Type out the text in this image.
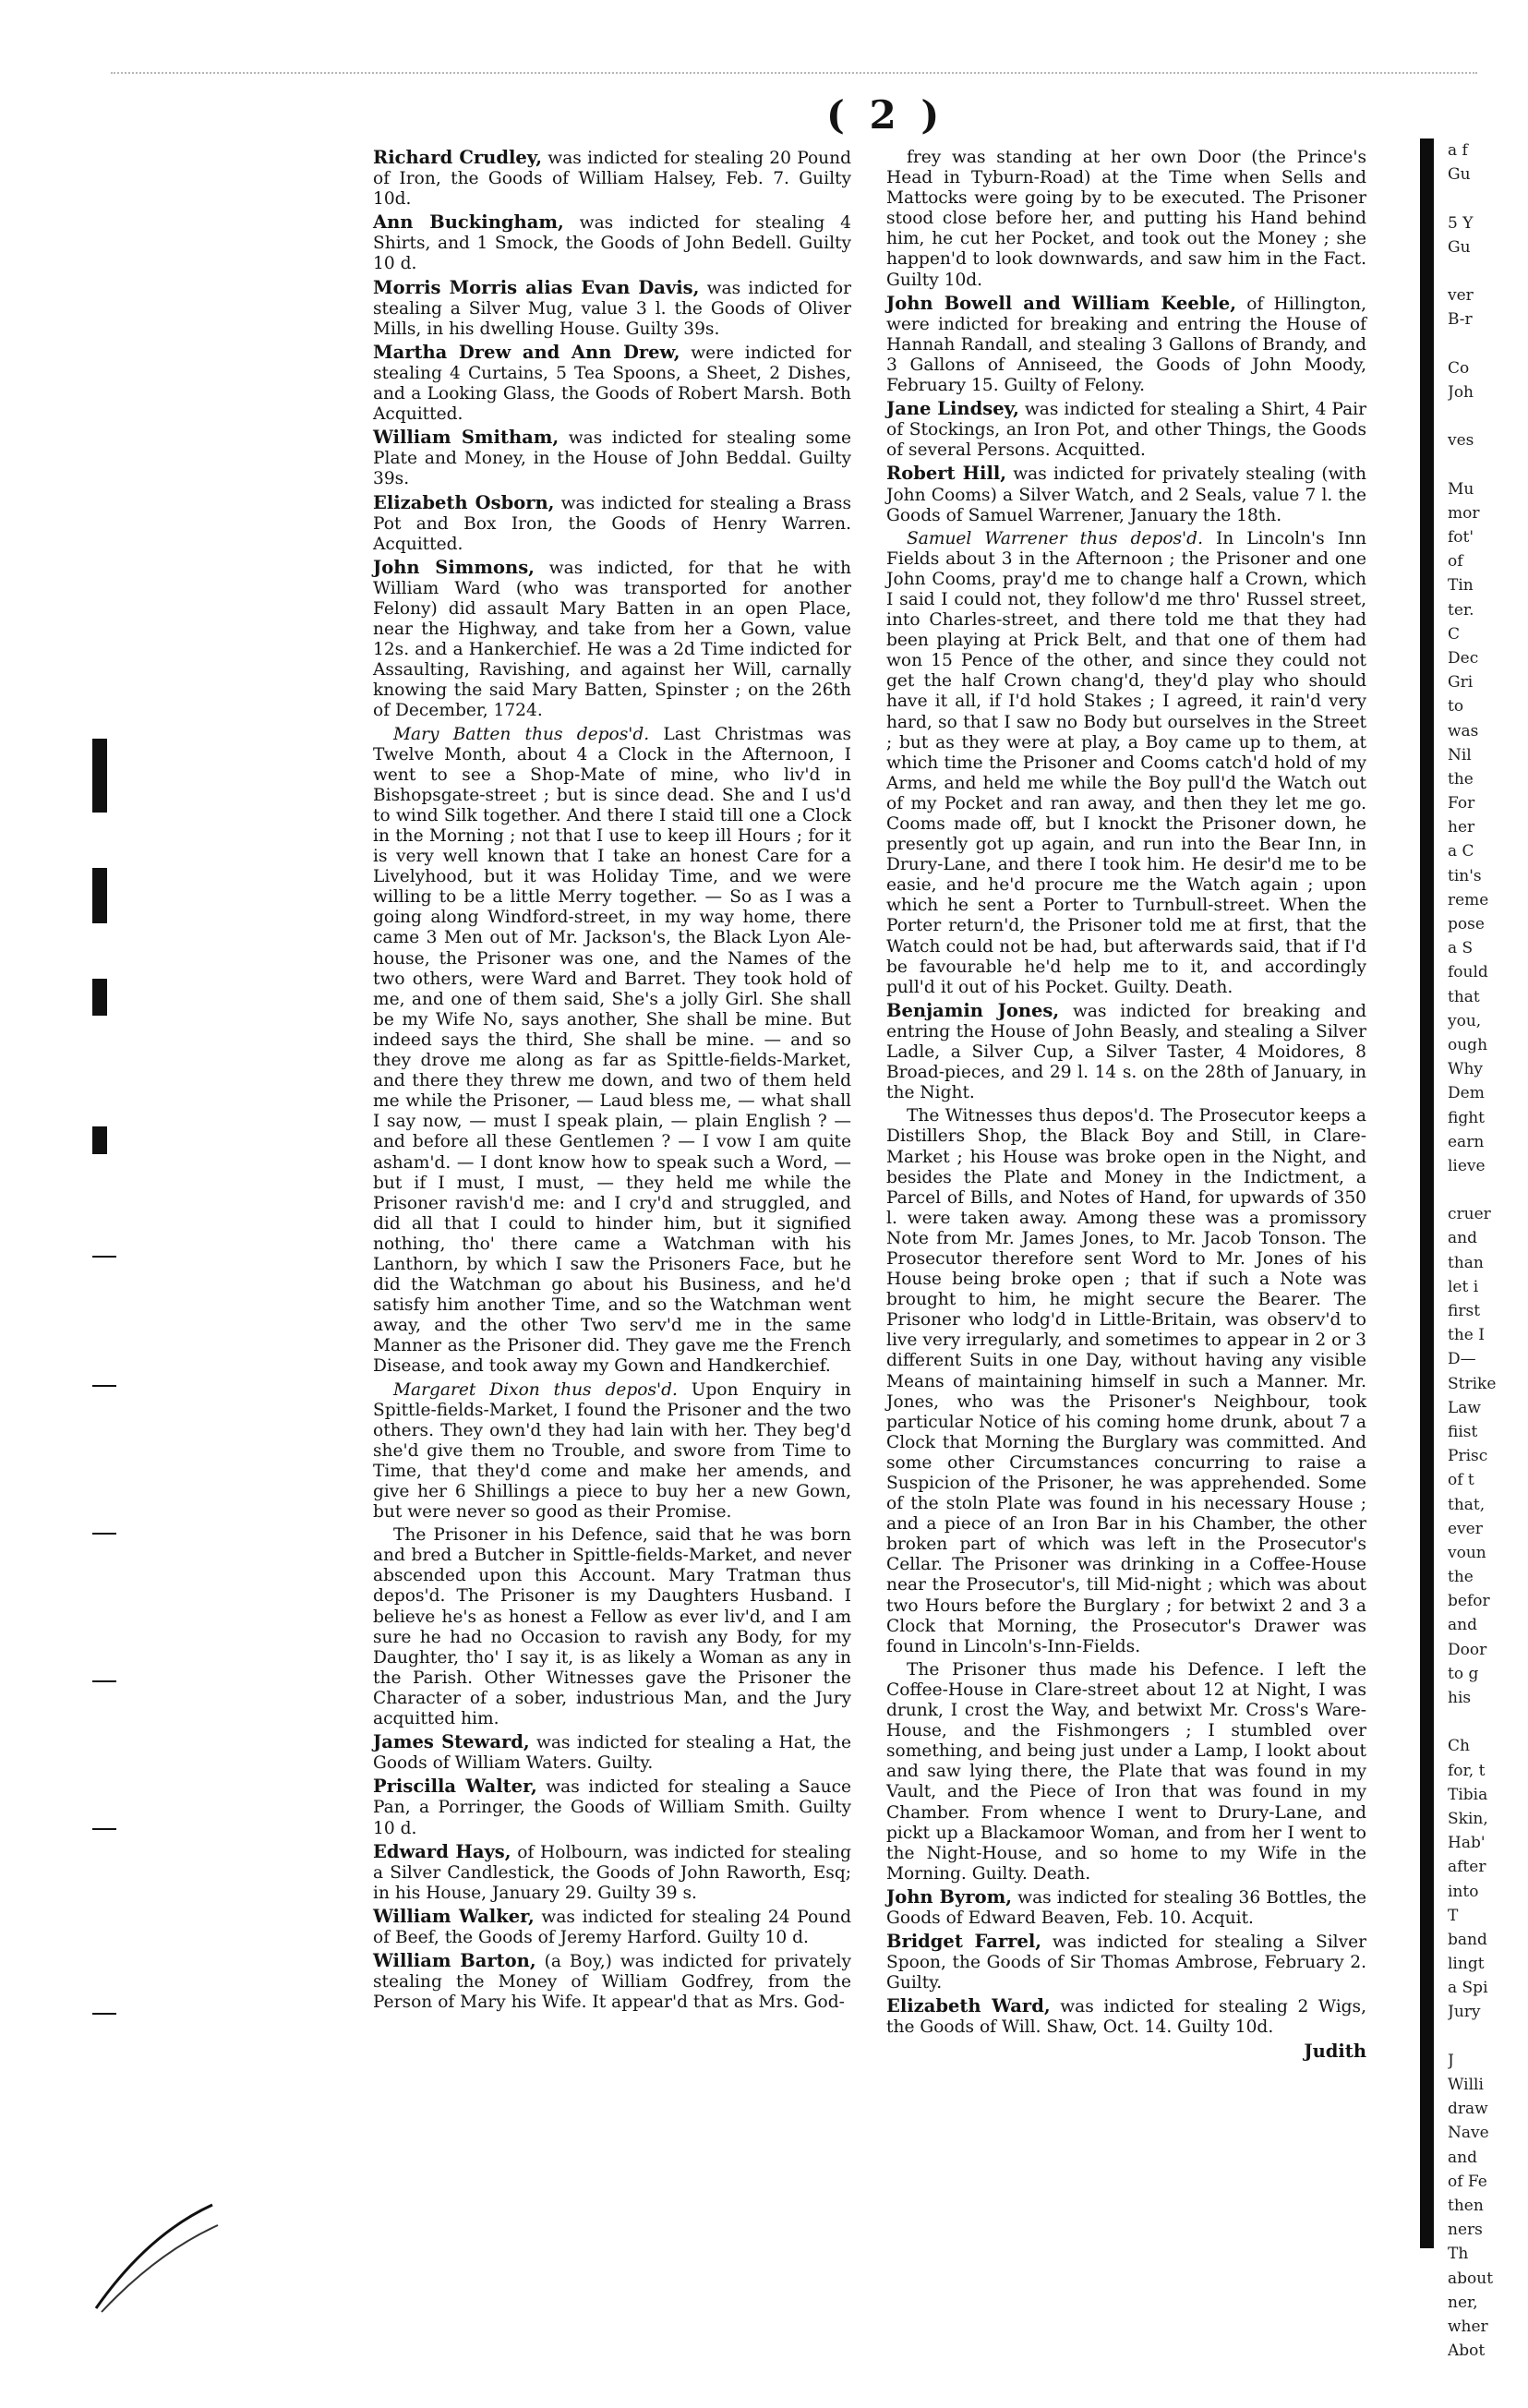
( 2 )

Richard Crudley, was indicted for stealing 20 Pound of Iron, the Goods of William Halsey, Feb. 7. Guilty 10d.

Ann Buckingham, was indicted for stealing 4 Shirts, and 1 Smock, the Goods of John Bedell. Guilty 10 d.

Morris Morris alias Evan Davis, was indicted for stealing a Silver Mug, value 3 l. the Goods of Oliver Mills, in his dwelling House. Guilty 39s.

Martha Drew and Ann Drew, were indicted for stealing 4 Curtains, 5 Tea Spoons, a Sheet, 2 Dishes, and a Looking Glass, the Goods of Robert Marsh. Both Acquitted.

William Smitham, was indicted for stealing some Plate and Money, in the House of John Beddal. Guilty 39s.

Elizabeth Osborn, was indicted for stealing a Brass Pot and Box Iron, the Goods of Henry Warren. Acquitted.

John Simmons, was indicted, for that he with William Ward (who was transported for another Felony) did assault Mary Batten in an open Place, near the Highway, and take from her a Gown, value 12s. and a Hankerchief. He was a 2d Time indicted for Assaulting, Ravishing, and against her Will, carnally knowing the said Mary Batten, Spinster ; on the 26th of December, 1724.

Mary Batten thus depos'd. Last Christmas was Twelve Month, about 4 a Clock in the Afternoon, I went to see a Shop-Mate of mine, who liv'd in Bishopsgate-street ; but is since dead. She and I us'd to wind Silk together. And there I staid till one a Clock in the Morning ; not that I use to keep ill Hours ; for it is very well known that I take an honest Care for a Livelyhood, but it was Holiday Time, and we were willing to be a little Merry together. — So as I was a going along Windford-street, in my way home, there came 3 Men out of Mr. Jackson's, the Black Lyon Ale-house, the Prisoner was one, and the Names of the two others, were Ward and Barret. They took hold of me, and one of them said, She's a jolly Girl. She shall be my Wife No, says another, She shall be mine. But indeed says the third, She shall be mine. — and so they drove me along as far as Spittle-fields-Market, and there they threw me down, and two of them held me while the Prisoner, — Laud bless me, — what shall I say now, — must I speak plain, — plain English ? — and before all these Gentlemen ? — I vow I am quite asham'd. — I dont know how to speak such a Word, — but if I must, I must, — they held me while the Prisoner ravish'd me: and I cry'd and struggled, and did all that I could to hinder him, but it signified nothing, tho' there came a Watchman with his Lanthorn, by which I saw the Prisoners Face, but he did the Watchman go about his Business, and he'd satisfy him another Time, and so the Watchman went away, and the other Two serv'd me in the same Manner as the Prisoner did. They gave me the French Disease, and took away my Gown and Handkerchief.

Margaret Dixon thus depos'd. Upon Enquiry in Spittle-fields-Market, I found the Prisoner and the two others. They own'd they had lain with her. They beg'd she'd give them no Trouble, and swore from Time to Time, that they'd come and make her amends, and give her 6 Shillings a piece to buy her a new Gown, but were never so good as their Promise.

The Prisoner in his Defence, said that he was born and bred a Butcher in Spittle-fields-Market, and never abscended upon this Account. Mary Tratman thus depos'd. The Prisoner is my Daughters Husband. I believe he's as honest a Fellow as ever liv'd, and I am sure he had no Occasion to ravish any Body, for my Daughter, tho' I say it, is as likely a Woman as any in the Parish. Other Witnesses gave the Prisoner the Character of a sober, industrious Man, and the Jury acquitted him.

James Steward, was indicted for stealing a Hat, the Goods of William Waters. Guilty.

Priscilla Walter, was indicted for stealing a Sauce Pan, a Porringer, the Goods of William Smith. Guilty 10 d.

Edward Hays, of Holbourn, was indicted for stealing a Silver Candlestick, the Goods of John Raworth, Esq; in his House, January 29. Guilty 39 s.

William Walker, was indicted for stealing 24 Pound of Beef, the Goods of Jeremy Harford. Guilty 10 d.

William Barton, (a Boy,) was indicted for privately stealing the Money of William Godfrey, from the Person of Mary his Wife. It appear'd that as Mrs. God-

frey was standing at her own Door (the Prince's Head in Tyburn-Road) at the Time when Sells and Mattocks were going by to be executed. The Prisoner stood close before her, and putting his Hand behind him, he cut her Pocket, and took out the Money ; she happen'd to look downwards, and saw him in the Fact. Guilty 10d.

John Bowell and William Keeble, of Hillington, were indicted for breaking and entring the House of Hannah Randall, and stealing 3 Gallons of Brandy, and 3 Gallons of Anniseed, the Goods of John Moody, February 15. Guilty of Felony.

Jane Lindsey, was indicted for stealing a Shirt, 4 Pair of Stockings, an Iron Pot, and other Things, the Goods of several Persons. Acquitted.

Robert Hill, was indicted for privately stealing (with John Cooms) a Silver Watch, and 2 Seals, value 7 l. the Goods of Samuel Warrener, January the 18th.

Samuel Warrener thus depos'd. In Lincoln's Inn Fields about 3 in the Afternoon ; the Prisoner and one John Cooms, pray'd me to change half a Crown, which I said I could not, they follow'd me thro' Russel street, into Charles-street, and there told me that they had been playing at Prick Belt, and that one of them had won 15 Pence of the other, and since they could not get the half Crown chang'd, they'd play who should have it all, if I'd hold Stakes ; I agreed, it rain'd very hard, so that I saw no Body but ourselves in the Street ; but as they were at play, a Boy came up to them, at which time the Prisoner and Cooms catch'd hold of my Arms, and held me while the Boy pull'd the Watch out of my Pocket and ran away, and then they let me go. Cooms made off, but I knockt the Prisoner down, he presently got up again, and run into the Bear Inn, in Drury-Lane, and there I took him. He desir'd me to be easie, and he'd procure me the Watch again ; upon which he sent a Porter to Turnbull-street. When the Porter return'd, the Prisoner told me at first, that the Watch could not be had, but afterwards said, that if I'd be favourable he'd help me to it, and accordingly pull'd it out of his Pocket. Guilty. Death.

Benjamin Jones, was indicted for breaking and entring the House of John Beasly, and stealing a Silver Ladle, a Silver Cup, a Silver Taster, 4 Moidores, 8 Broad-pieces, and 29 l. 14 s. on the 28th of January, in the Night.

The Witnesses thus depos'd. The Prosecutor keeps a Distillers Shop, the Black Boy and Still, in Clare-Market ; his House was broke open in the Night, and besides the Plate and Money in the Indictment, a Parcel of Bills, and Notes of Hand, for upwards of 350 l. were taken away. Among these was a promissory Note from Mr. James Jones, to Mr. Jacob Tonson. The Prosecutor therefore sent Word to Mr. Jones of his House being broke open ; that if such a Note was brought to him, he might secure the Bearer. The Prisoner who lodg'd in Little-Britain, was observ'd to live very irregularly, and sometimes to appear in 2 or 3 different Suits in one Day, without having any visible Means of maintaining himself in such a Manner. Mr. Jones, who was the Prisoner's Neighbour, took particular Notice of his coming home drunk, about 7 a Clock that Morning the Burglary was committed. And some other Circumstances concurring to raise a Suspicion of the Prisoner, he was apprehended. Some of the stoln Plate was found in his necessary House ; and a piece of an Iron Bar in his Chamber, the other broken part of which was left in the Prosecutor's Cellar. The Prisoner was drinking in a Coffee-House near the Prosecutor's, till Mid-night ; which was about two Hours before the Burglary ; for betwixt 2 and 3 a Clock that Morning, the Prosecutor's Drawer was found in Lincoln's-Inn-Fields.

The Prisoner thus made his Defence. I left the Coffee-House in Clare-street about 12 at Night, I was drunk, I crost the Way, and betwixt Mr. Cross's Ware-House, and the Fishmongers ; I stumbled over something, and being just under a Lamp, I lookt about and saw lying there, the Plate that was found in my Vault, and the Piece of Iron that was found in my Chamber. From whence I went to Drury-Lane, and pickt up a Blackamoor Woman, and from her I went to the Night-House, and so home to my Wife in the Morning. Guilty. Death.

John Byrom, was indicted for stealing 36 Bottles, the Goods of Edward Beaven, Feb. 10. Acquit.

Bridget Farrel, was indicted for stealing a Silver Spoon, the Goods of Sir Thomas Ambrose, February 2. Guilty.

Elizabeth Ward, was indicted for stealing 2 Wigs, the Goods of Will. Shaw, Oct. 14. Guilty 10d.

Judith

a f
Gu
5 Y
Gu
ver
B-r
Co
Joh
ves
Mu
mor
fot'
of
Tin
ter.
C
Dec
Gri
to
was
Nil
the
For
her
a C
tin's
reme
pose
a S
fould
that
you,
ough
Why
Dem
fight
earn
lieve
cruer
and
than
let i
first
the I
D—
Strike
Law
fiist
Prisc
of t
that,
ever
voun
the
befor
and
Door
to g
his
Ch
for, t
Tibia
Skin,
Hab'
after
into
T
band
lingt
a Spi
Jury
J
Willi
draw
Nave
and
of Fe
then
ners
Th
about
ner,
wher
Abot
